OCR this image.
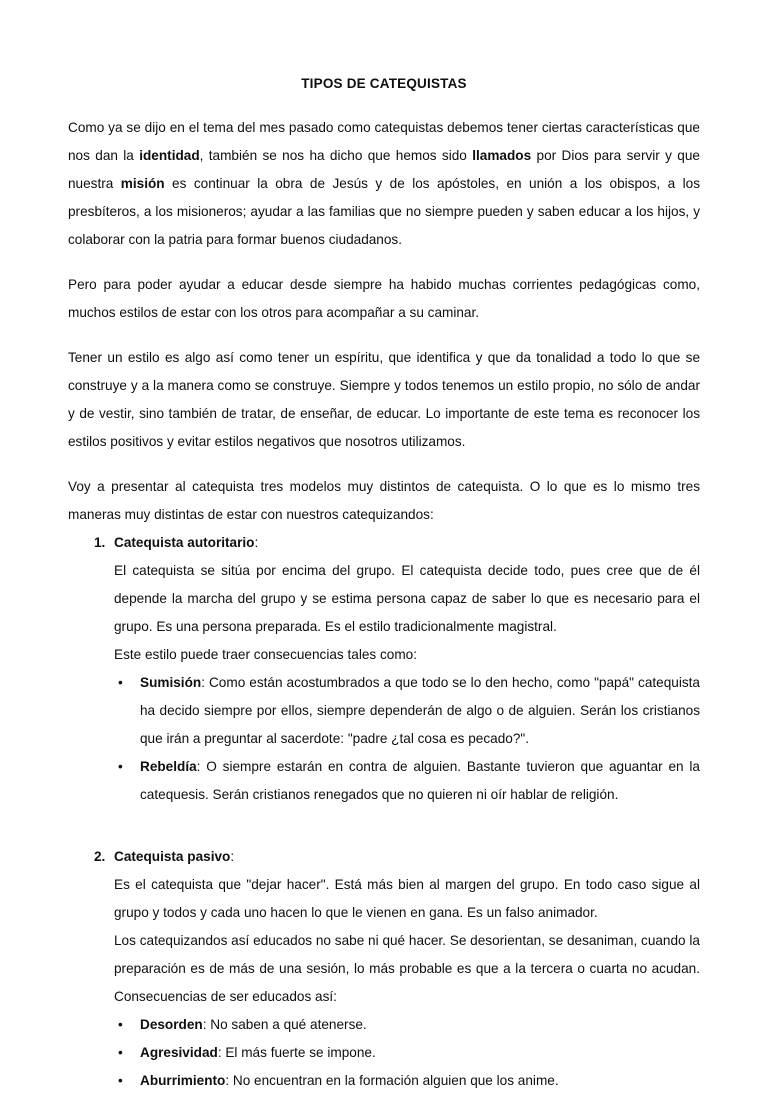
TIPOS DE CATEQUISTAS

Como ya se dijo en el tema del mes pasado como catequistas debemos tener ciertas características que nos dan la identidad, también se nos ha dicho que hemos sido llamados por Dios para servir y que nuestra misión es continuar la obra de Jesús y de los apóstoles, en unión a los obispos, a los presbíteros, a los misioneros; ayudar a las familias que no siempre pueden y saben educar a los hijos, y colaborar con la patria para formar buenos ciudadanos.

Pero para poder ayudar a educar desde siempre ha habido muchas corrientes pedagógicas como, muchos estilos de estar con los otros para acompañar a su caminar.

Tener un estilo es algo así como tener un espíritu, que identifica y que da tonalidad a todo lo que se construye y a la manera como se construye. Siempre y todos tenemos un estilo propio, no sólo de andar y de vestir, sino también de tratar, de enseñar, de educar. Lo importante de este tema es reconocer los estilos positivos y evitar estilos negativos que nosotros utilizamos.

Voy a presentar al catequista tres modelos muy distintos de catequista. O lo que es lo mismo tres maneras muy distintas de estar con nuestros catequizandos:

1. Catequista autoritario:

El catequista se sitúa por encima del grupo. El catequista decide todo, pues cree que de él depende la marcha del grupo y se estima persona capaz de saber lo que es necesario para el grupo. Es una persona preparada. Es el estilo tradicionalmente magistral.

Este estilo puede traer consecuencias tales como:

• Sumisión: Como están acostumbrados a que todo se lo den hecho, como "papá" catequista ha decido siempre por ellos, siempre dependerán de algo o de alguien. Serán los cristianos que irán a preguntar al sacerdote: "padre ¿tal cosa es pecado?".
• Rebeldía: O siempre estarán en contra de alguien. Bastante tuvieron que aguantar en la catequesis. Serán cristianos renegados que no quieren ni oír hablar de religión.
2. Catequista pasivo:

Es el catequista que "dejar hacer". Está más bien al margen del grupo. En todo caso sigue al grupo y todos y cada uno hacen lo que le vienen en gana. Es un falso animador.

Los catequizandos así educados no sabe ni qué hacer. Se desorientan, se desaniman, cuando la preparación es de más de una sesión, lo más probable es que a la tercera o cuarta no acudan. Consecuencias de ser educados así:

• Desorden: No saben a qué atenerse.
• Agresividad: El más fuerte se impone.
• Aburrimiento: No encuentran en la formación alguien que los anime.
